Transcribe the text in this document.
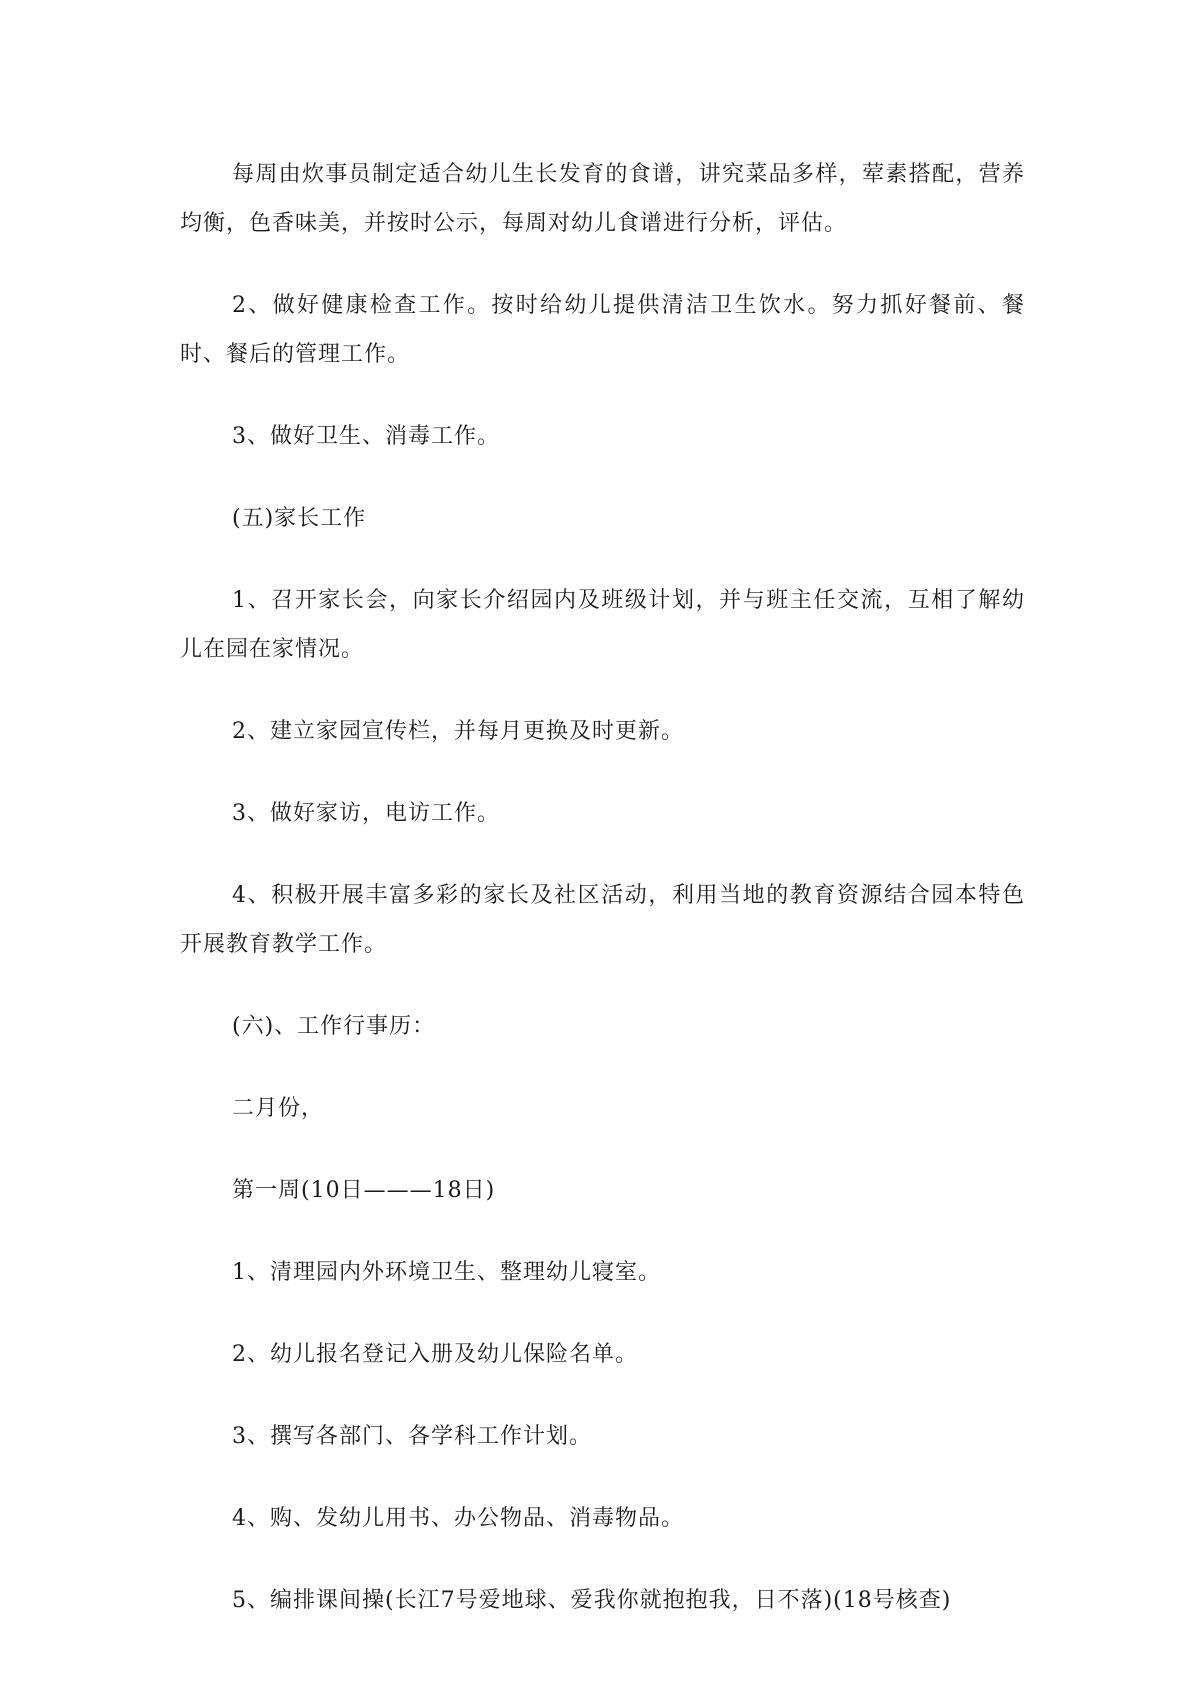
每周由炊事员制定适合幼儿生长发育的食谱，讲究菜品多样，荤素搭配，营养均衡，色香味美，并按时公示，每周对幼儿食谱进行分析，评估。

2、做好健康检查工作。按时给幼儿提供清洁卫生饮水。努力抓好餐前、餐时、餐后的管理工作。

3、做好卫生、消毒工作。

(五)家长工作

1、召开家长会，向家长介绍园内及班级计划，并与班主任交流，互相了解幼儿在园在家情况。

2、建立家园宣传栏，并每月更换及时更新。

3、做好家访，电访工作。

4、积极开展丰富多彩的家长及社区活动，利用当地的教育资源结合园本特色开展教育教学工作。

(六)、工作行事历：

二月份，

第一周(10日———18日)

1、清理园内外环境卫生、整理幼儿寝室。

2、幼儿报名登记入册及幼儿保险名单。

3、撰写各部门、各学科工作计划。

4、购、发幼儿用书、办公物品、消毒物品。

5、编排课间操(长江7号爱地球、爱我你就抱抱我，日不落)(18号核查)
